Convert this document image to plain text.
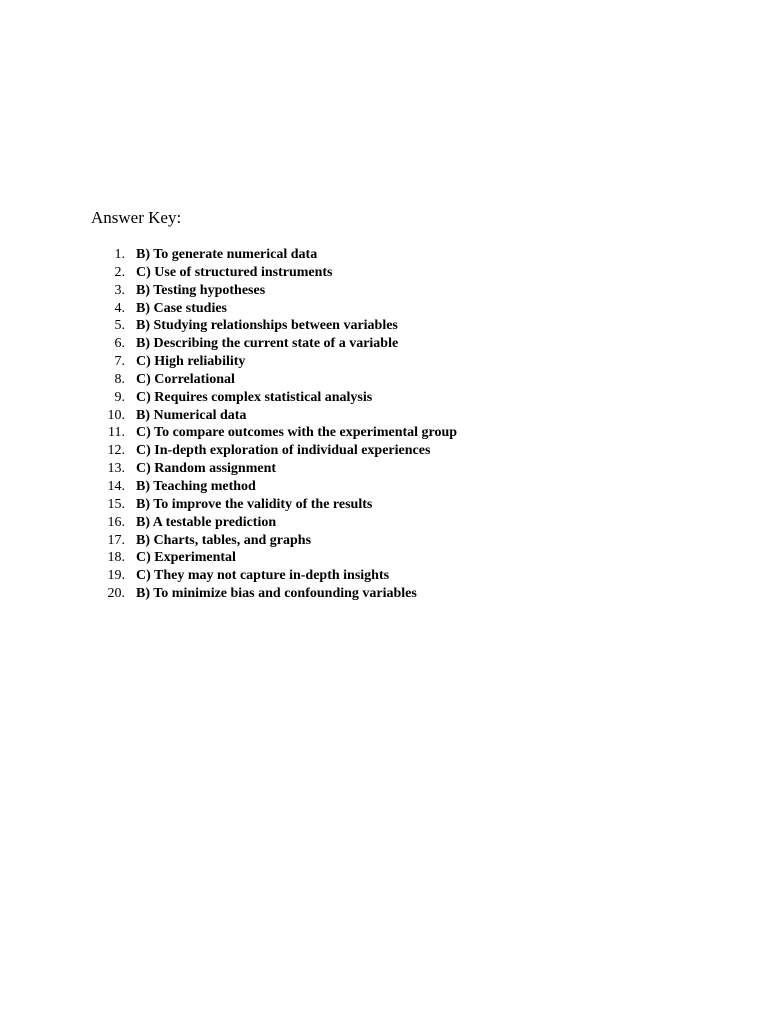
Answer Key:
1. B) To generate numerical data
2. C) Use of structured instruments
3. B) Testing hypotheses
4. B) Case studies
5. B) Studying relationships between variables
6. B) Describing the current state of a variable
7. C) High reliability
8. C) Correlational
9. C) Requires complex statistical analysis
10. B) Numerical data
11. C) To compare outcomes with the experimental group
12. C) In-depth exploration of individual experiences
13. C) Random assignment
14. B) Teaching method
15. B) To improve the validity of the results
16. B) A testable prediction
17. B) Charts, tables, and graphs
18. C) Experimental
19. C) They may not capture in-depth insights
20. B) To minimize bias and confounding variables
